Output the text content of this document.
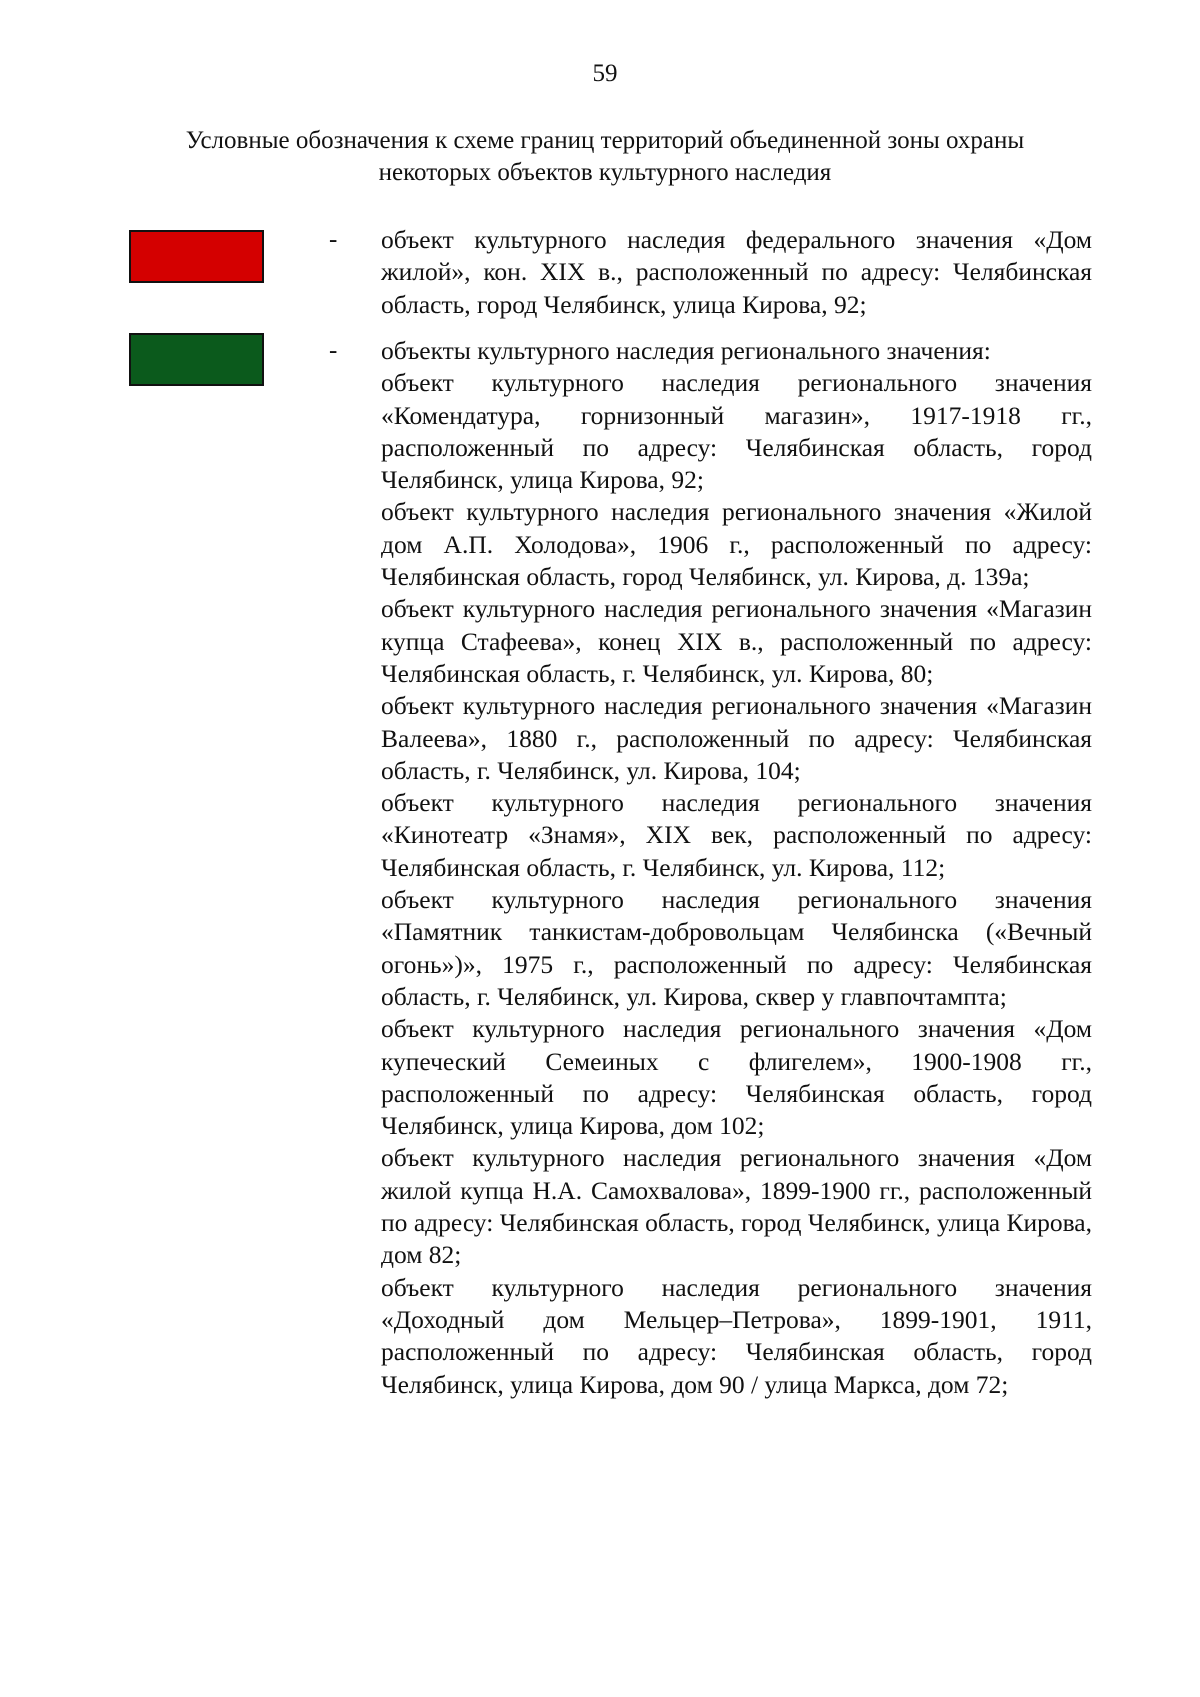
59
Условные обозначения к схеме границ территорий объединенной зоны охраны
некоторых объектов культурного наследия
- объект культурного наследия федерального значения «Дом жилой», кон. XIX в., расположенный по адресу: Челябинская область, город Челябинск, улица Кирова, 92;

- объекты культурного наследия регионального значения:

объект культурного наследия регионального значения «Комендатура, горнизонный магазин», 1917-1918 гг., расположенный по адресу: Челябинская область, город Челябинск, улица Кирова, 92;

объект культурного наследия регионального значения «Жилой дом А.П. Холодова», 1906 г., расположенный по адресу: Челябинская область, город Челябинск, ул. Кирова, д. 139а;

объект культурного наследия регионального значения «Магазин купца Стафеева», конец XIX в., расположенный по адресу: Челябинская область, г. Челябинск, ул. Кирова, 80;

объект культурного наследия регионального значения «Магазин Валеева», 1880 г., расположенный по адресу: Челябинская область, г. Челябинск, ул. Кирова, 104;

объект культурного наследия регионального значения «Кинотеатр «Знамя», XIX век, расположенный по адресу: Челябинская область, г. Челябинск, ул. Кирова, 112;

объект культурного наследия регионального значения «Памятник танкистам-добровольцам Челябинска («Вечный огонь»)», 1975 г., расположенный по адресу: Челябинская область, г. Челябинск, ул. Кирова, сквер у главпочтампта;

объект культурного наследия регионального значения «Дом купеческий Семеиных с флигелем», 1900-1908 гг., расположенный по адресу: Челябинская область, город Челябинск, улица Кирова, дом 102;

объект культурного наследия регионального значения «Дом жилой купца Н.А. Самохвалова», 1899-1900 гг., расположенный по адресу: Челябинская область, город Челябинск, улица Кирова, дом 82;

объект культурного наследия регионального значения «Доходный дом Мельцер–Петрова», 1899-1901, 1911, расположенный по адресу: Челябинская область, город Челябинск, улица Кирова, дом 90 / улица Маркса, дом 72;
